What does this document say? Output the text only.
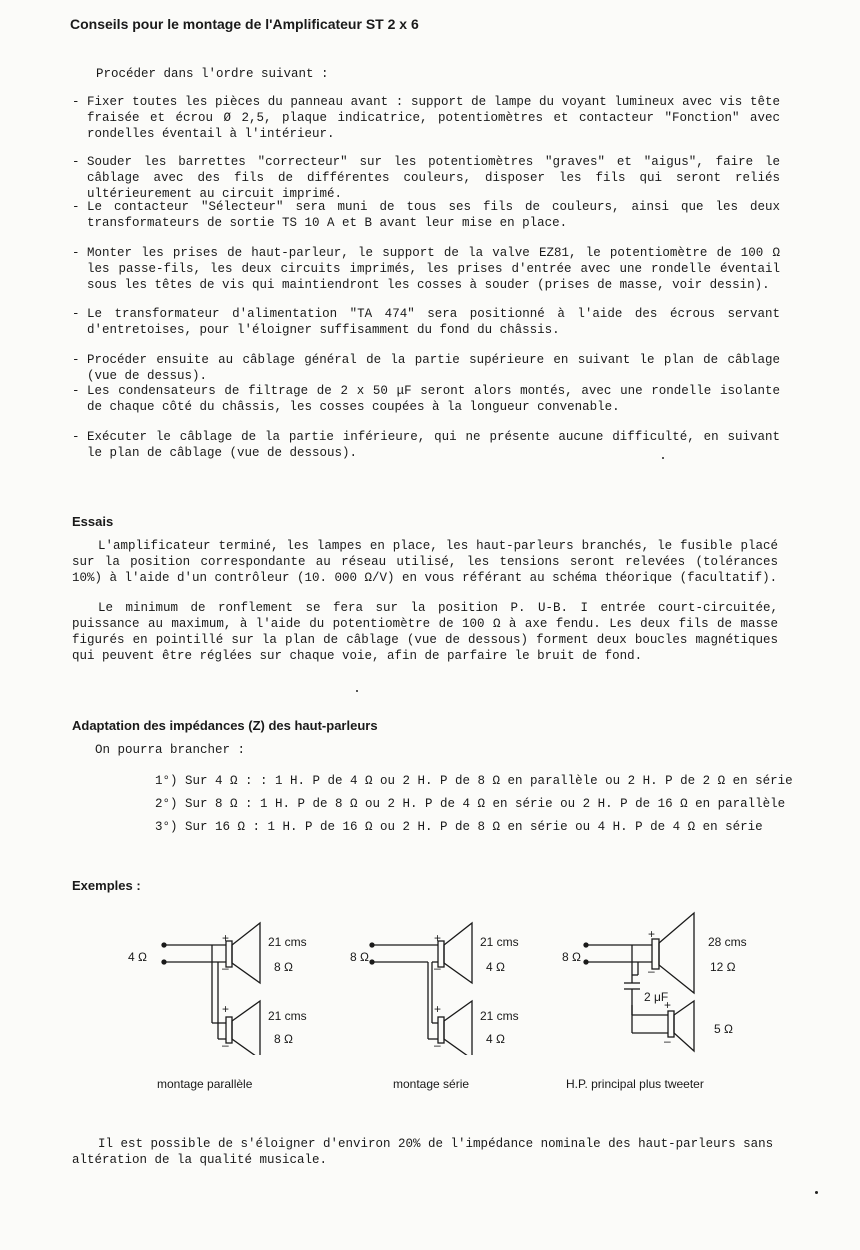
Conseils pour le montage de l'Amplificateur ST 2 x 6
Procéder dans l'ordre suivant :
- Fixer toutes les pièces du panneau avant : support de lampe du voyant lumineux avec vis tête fraisée et écrou Ø 2,5, plaque indicatrice, potentiomètres et contacteur "Fonction" avec rondelles éventail à l'intérieur.
- Souder les barrettes "correcteur" sur les potentiomètres "graves" et "aigus", faire le câblage avec des fils de différentes couleurs, disposer les fils qui seront reliés ultérieurement au circuit imprimé.
- Le contacteur "Sélecteur" sera muni de tous ses fils de couleurs, ainsi que les deux transformateurs de sortie TS 10 A et B avant leur mise en place.
- Monter les prises de haut-parleur, le support de la valve EZ81, le potentiomètre de 100 Ω les passe-fils, les deux circuits imprimés, les prises d'entrée avec une rondelle éventail sous les têtes de vis qui maintiendront les cosses à souder (prises de masse, voir dessin).
- Le transformateur d'alimentation "TA 474" sera positionné à l'aide des écrous servant d'entretoises, pour l'éloigner suffisamment du fond du châssis.
- Procéder ensuite au câblage général de la partie supérieure en suivant le plan de câblage (vue de dessus).
- Les condensateurs de filtrage de 2 x 50 μF seront alors montés, avec une rondelle isolante de chaque côté du châssis, les cosses coupées à la longueur convenable.
- Exécuter le câblage de la partie inférieure, qui ne présente aucune difficulté, en suivant le plan de câblage (vue de dessous).
Essais
L'amplificateur terminé, les lampes en place, les haut-parleurs branchés, le fusible placé sur la position correspondante au réseau utilisé, les tensions seront relevées (tolérances 10%) à l'aide d'un contrôleur (10. 000 Ω/V) en vous référant au schéma théorique (facultatif).
Le minimum de ronflement se fera sur la position P. U-B. I entrée court-circuitée, puissance au maximum, à l'aide du potentiomètre de 100 Ω à axe fendu. Les deux fils de masse figurés en pointillé sur la plan de câblage (vue de dessous) forment deux boucles magnétiques qui peuvent être réglées sur chaque voie, afin de parfaire le bruit de fond.
Adaptation des impédances (Z) des haut-parleurs
On pourra brancher :
1°) Sur 4 Ω : : 1 H. P de 4 Ω ou 2 H. P de 8 Ω en parallèle ou 2 H. P de 2 Ω en série
2°) Sur 8 Ω : 1 H. P de 8 Ω ou 2 H. P de 4 Ω en série ou 2 H. P de 16 Ω en parallèle
3°) Sur 16 Ω : 1 H. P de 16 Ω ou 2 H. P de 8 Ω en série ou 4 H. P de 4 Ω en série
Exemples :
4 Ω
+
–
21 cms
8 Ω
+
–
21 cms
8 Ω
8 Ω
+
–
21 cms
4 Ω
+
–
21 cms
4 Ω
8 Ω
+
–
28 cms
12 Ω
2 μF
+
–
5 Ω
montage parallèle	montage série	H.P. principal plus tweeter
Il est possible de s'éloigner d'environ 20% de l'impédance nominale des haut-parleurs sans altération de la qualité musicale.
